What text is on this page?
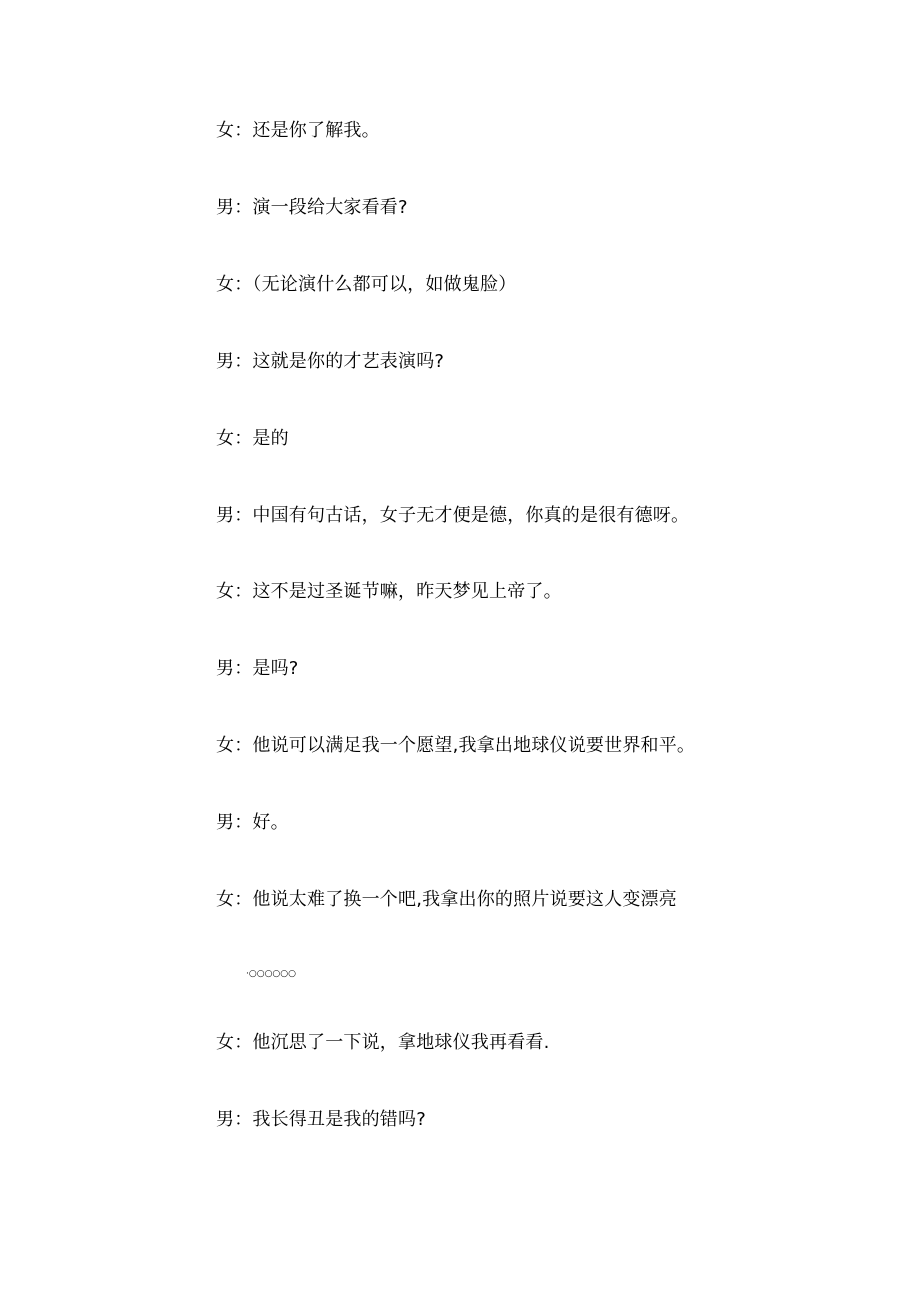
女：还是你了解我。
男：演一段给大家看看?
女：（无论演什么都可以，如做鬼脸）
男：这就是你的才艺表演吗?
女：是的
男：中国有句古话，女子无才便是德，你真的是很有德呀。
女：这不是过圣诞节嘛，昨天梦见上帝了。
男：是吗?
女：他说可以满足我一个愿望,我拿出地球仪说要世界和平。
男：好。
女：他说太难了换一个吧,我拿出你的照片说要这人变漂亮
·○○○○○○
女：他沉思了一下说，拿地球仪我再看看.
男：我长得丑是我的错吗?
